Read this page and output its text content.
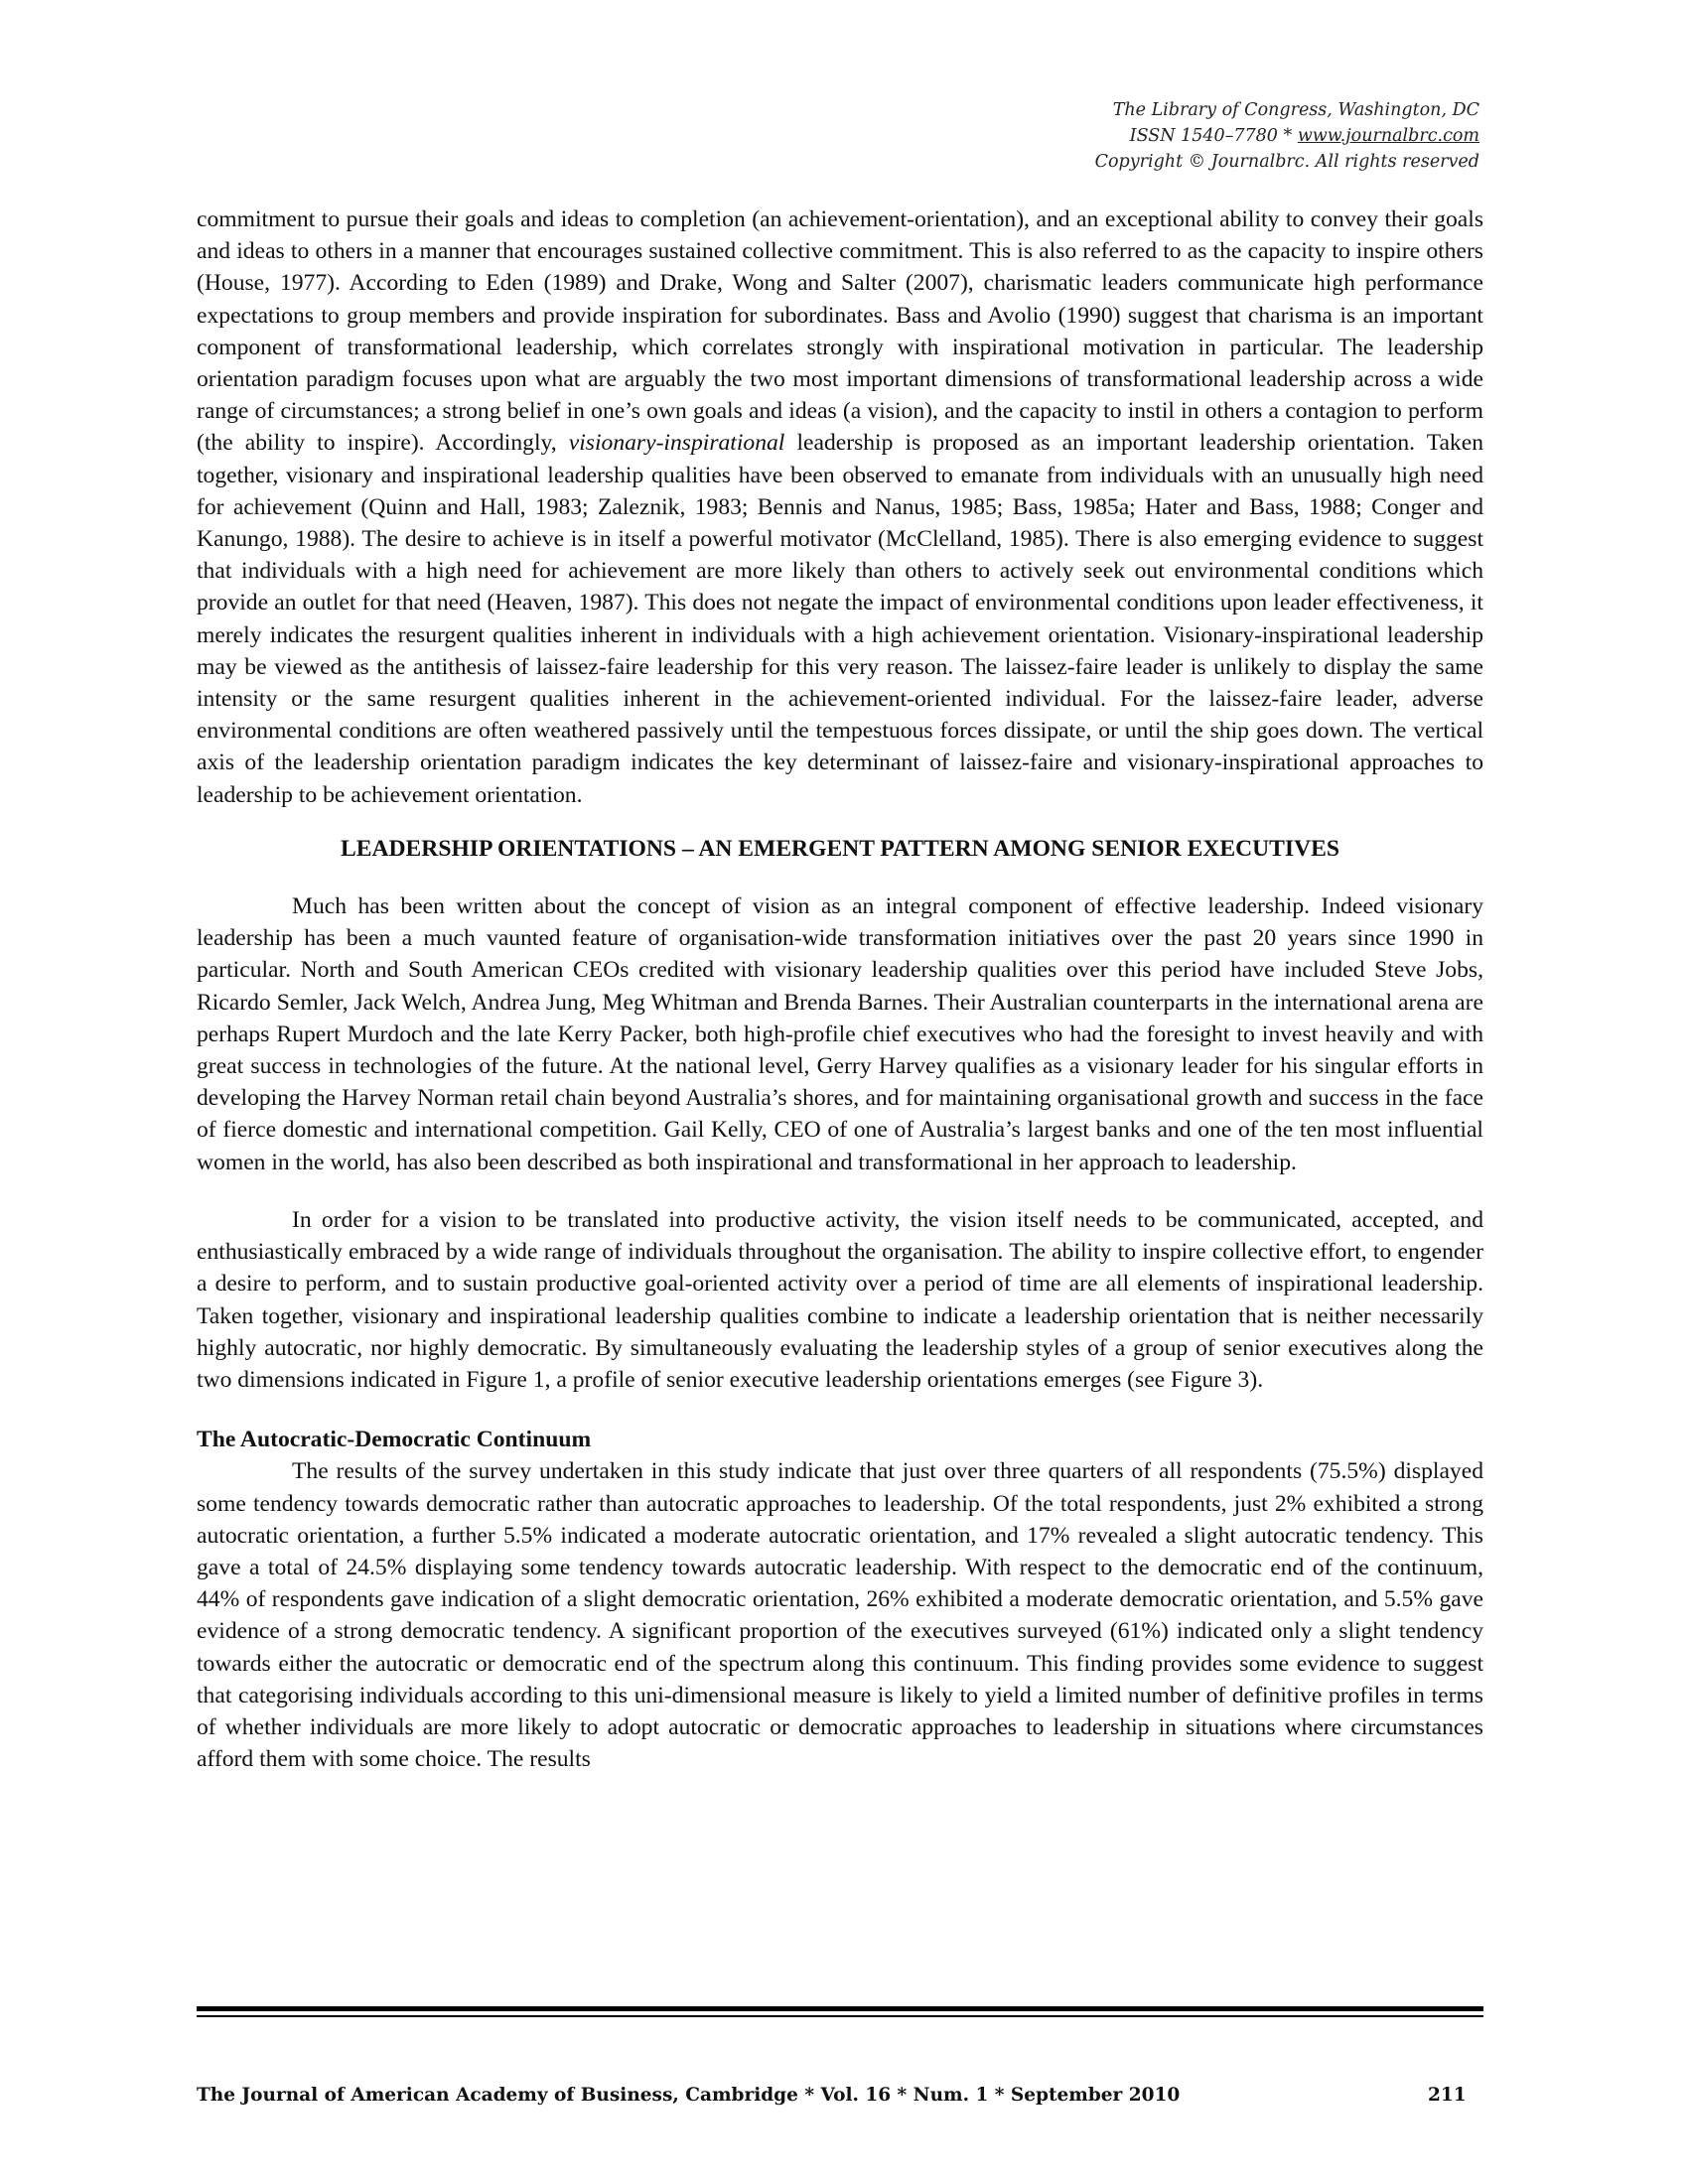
The Library of Congress, Washington, DC
ISSN 1540–7780 * www.journalbrc.com
Copyright © Journalbrc. All rights reserved

commitment to pursue their goals and ideas to completion (an achievement-orientation), and an exceptional ability to convey their goals and ideas to others in a manner that encourages sustained collective commitment. This is also referred to as the capacity to inspire others (House, 1977). According to Eden (1989) and Drake, Wong and Salter (2007), charismatic leaders communicate high performance expectations to group members and provide inspiration for subordinates. Bass and Avolio (1990) suggest that charisma is an important component of transformational leadership, which correlates strongly with inspirational motivation in particular. The leadership orientation paradigm focuses upon what are arguably the two most important dimensions of transformational leadership across a wide range of circumstances; a strong belief in one’s own goals and ideas (a vision), and the capacity to instil in others a contagion to perform (the ability to inspire). Accordingly, visionary-inspirational leadership is proposed as an important leadership orientation. Taken together, visionary and inspirational leadership qualities have been observed to emanate from individuals with an unusually high need for achievement (Quinn and Hall, 1983; Zaleznik, 1983; Bennis and Nanus, 1985; Bass, 1985a; Hater and Bass, 1988; Conger and Kanungo, 1988). The desire to achieve is in itself a powerful motivator (McClelland, 1985). There is also emerging evidence to suggest that individuals with a high need for achievement are more likely than others to actively seek out environmental conditions which provide an outlet for that need (Heaven, 1987). This does not negate the impact of environmental conditions upon leader effectiveness, it merely indicates the resurgent qualities inherent in individuals with a high achievement orientation. Visionary-inspirational leadership may be viewed as the antithesis of laissez-faire leadership for this very reason. The laissez-faire leader is unlikely to display the same intensity or the same resurgent qualities inherent in the achievement-oriented individual. For the laissez-faire leader, adverse environmental conditions are often weathered passively until the tempestuous forces dissipate, or until the ship goes down. The vertical axis of the leadership orientation paradigm indicates the key determinant of laissez-faire and visionary-inspirational approaches to leadership to be achievement orientation.

LEADERSHIP ORIENTATIONS – AN EMERGENT PATTERN AMONG SENIOR EXECUTIVES

Much has been written about the concept of vision as an integral component of effective leadership. Indeed visionary leadership has been a much vaunted feature of organisation-wide transformation initiatives over the past 20 years since 1990 in particular. North and South American CEOs credited with visionary leadership qualities over this period have included Steve Jobs, Ricardo Semler, Jack Welch, Andrea Jung, Meg Whitman and Brenda Barnes. Their Australian counterparts in the international arena are perhaps Rupert Murdoch and the late Kerry Packer, both high-profile chief executives who had the foresight to invest heavily and with great success in technologies of the future. At the national level, Gerry Harvey qualifies as a visionary leader for his singular efforts in developing the Harvey Norman retail chain beyond Australia’s shores, and for maintaining organisational growth and success in the face of fierce domestic and international competition. Gail Kelly, CEO of one of Australia’s largest banks and one of the ten most influential women in the world, has also been described as both inspirational and transformational in her approach to leadership.

In order for a vision to be translated into productive activity, the vision itself needs to be communicated, accepted, and enthusiastically embraced by a wide range of individuals throughout the organisation. The ability to inspire collective effort, to engender a desire to perform, and to sustain productive goal-oriented activity over a period of time are all elements of inspirational leadership. Taken together, visionary and inspirational leadership qualities combine to indicate a leadership orientation that is neither necessarily highly autocratic, nor highly democratic. By simultaneously evaluating the leadership styles of a group of senior executives along the two dimensions indicated in Figure 1, a profile of senior executive leadership orientations emerges (see Figure 3).

The Autocratic-Democratic Continuum

The results of the survey undertaken in this study indicate that just over three quarters of all respondents (75.5%) displayed some tendency towards democratic rather than autocratic approaches to leadership. Of the total respondents, just 2% exhibited a strong autocratic orientation, a further 5.5% indicated a moderate autocratic orientation, and 17% revealed a slight autocratic tendency. This gave a total of 24.5% displaying some tendency towards autocratic leadership. With respect to the democratic end of the continuum, 44% of respondents gave indication of a slight democratic orientation, 26% exhibited a moderate democratic orientation, and 5.5% gave evidence of a strong democratic tendency. A significant proportion of the executives surveyed (61%) indicated only a slight tendency towards either the autocratic or democratic end of the spectrum along this continuum. This finding provides some evidence to suggest that categorising individuals according to this uni-dimensional measure is likely to yield a limited number of definitive profiles in terms of whether individuals are more likely to adopt autocratic or democratic approaches to leadership in situations where circumstances afford them with some choice. The results

The Journal of American Academy of Business, Cambridge * Vol. 16 * Num. 1 * September 2010	211
